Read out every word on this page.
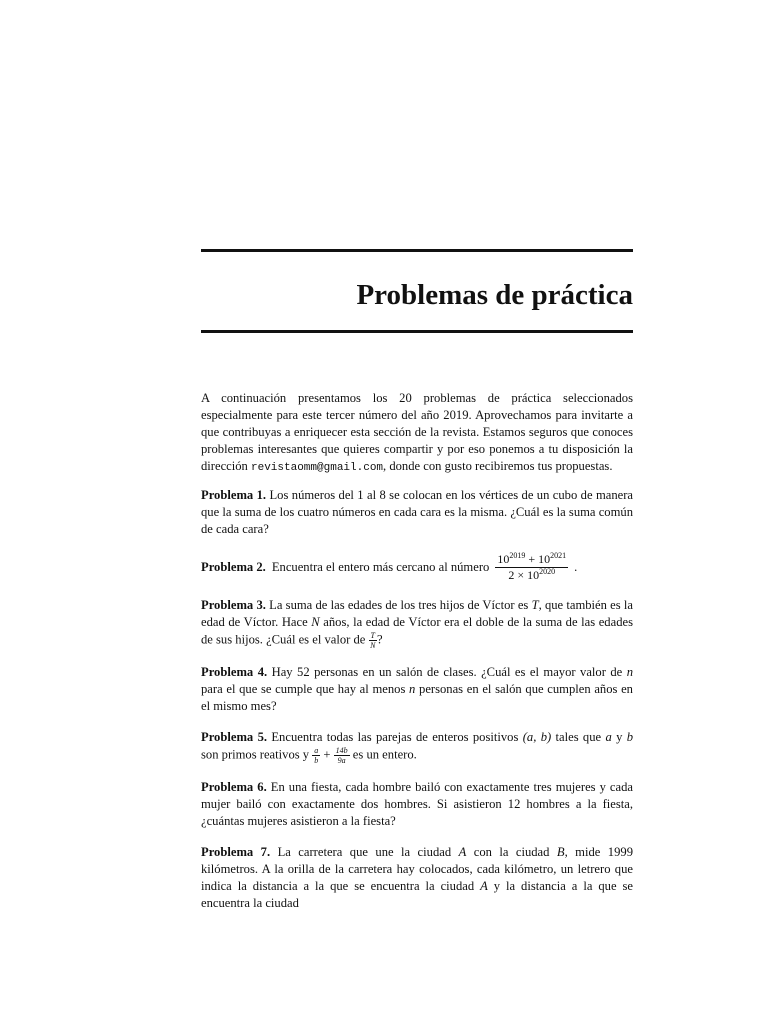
Problemas de práctica

A continuación presentamos los 20 problemas de práctica seleccionados especialmente para este tercer número del año 2019. Aprovechamos para invitarte a que contribuyas a enriquecer esta sección de la revista. Estamos seguros que conoces problemas interesantes que quieres compartir y por eso ponemos a tu disposición la dirección revistaomm@gmail.com, donde con gusto recibiremos tus propuestas.

Problema 1. Los números del 1 al 8 se colocan en los vértices de un cubo de manera que la suma de los cuatro números en cada cara es la misma. ¿Cuál es la suma común de cada cara?

Problema 2. Encuentra el entero más cercano al número $\frac{10^{2019} + 10^{2021}}{2 \times 10^{2020}}$ .

Problema 3. La suma de las edades de los tres hijos de Víctor es T, que también es la edad de Víctor. Hace N años, la edad de Víctor era el doble de la suma de las edades de sus hijos. ¿Cuál es el valor de $\frac{T}{N}$ ?

Problema 4. Hay 52 personas en un salón de clases. ¿Cuál es el mayor valor de n para el que se cumple que hay al menos n personas en el salón que cumplen años en el mismo mes?

Problema 5. Encuentra todas las parejas de enteros positivos (a, b) tales que a y b son primos reativos y $\frac{a}{b} + \frac{14b}{9a}$ es un entero.

Problema 6. En una fiesta, cada hombre bailó con exactamente tres mujeres y cada mujer bailó con exactamente dos hombres. Si asistieron 12 hombres a la fiesta, ¿cuántas mujeres asistieron a la fiesta?

Problema 7. La carretera que une la ciudad A con la ciudad B, mide 1999 kilómetros. A la orilla de la carretera hay colocados, cada kilómetro, un letrero que indica la distancia a la que se encuentra la ciudad A y la distancia a la que se encuentra la ciudad
